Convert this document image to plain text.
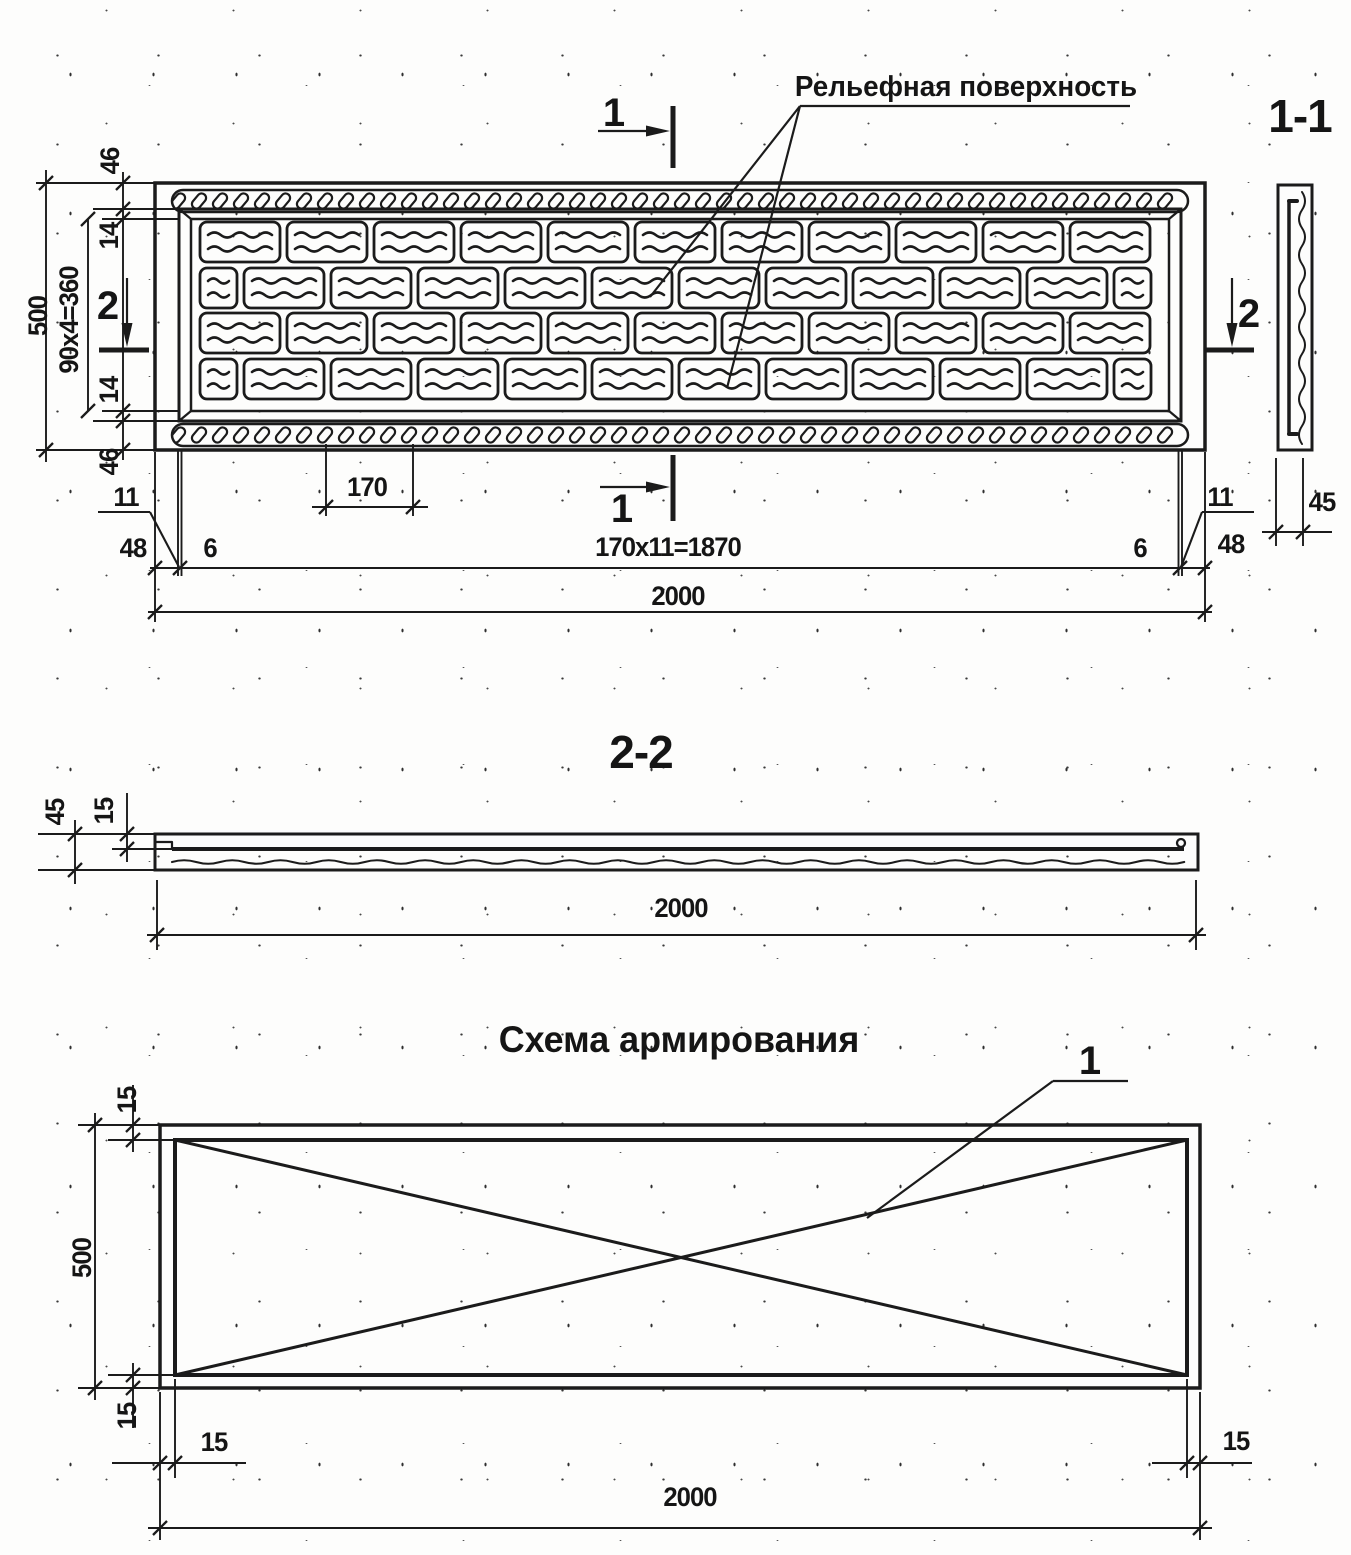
Рельефная поверхность
1
1
2	2
1-1
500
46
14
90x4=360
14
46
11
48	6
170
170x11=1870
2000
6
11
48
45
2-2
45 15
2000
Схема армирования	1
15
500
15
15	15
2000
